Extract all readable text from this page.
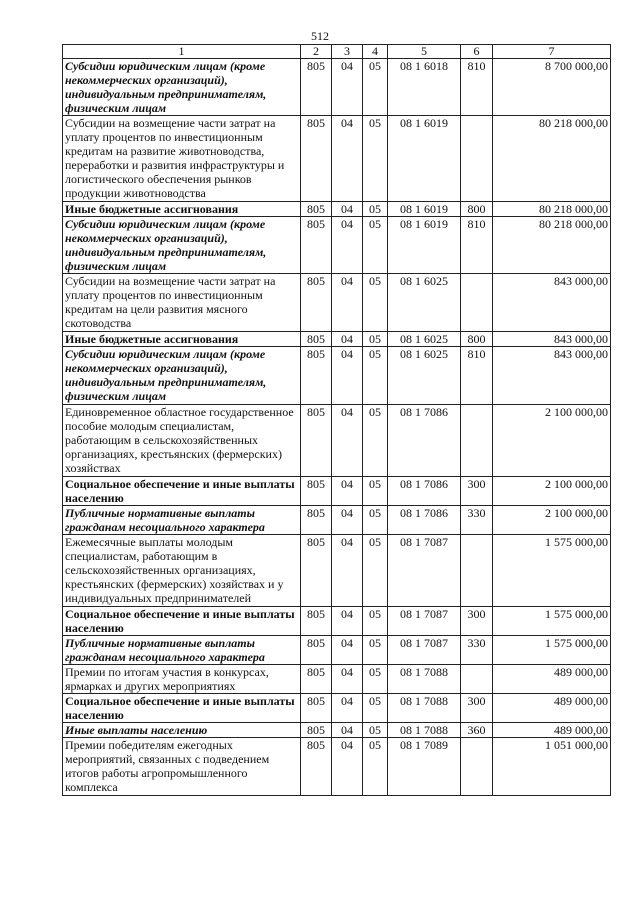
512
1	2	3	4	5	6	7
Субсидии юридическим лицам (кроме некоммерческих организаций), индивидуальным предпринимателям, физическим лицам	805	04	05	08 1 6018	810	8 700 000,00
Субсидии на возмещение части затрат на уплату процентов по инвестиционным кредитам на развитие животноводства, переработки и развития инфраструктуры и логистического обеспечения рынков продукции животноводства	805	04	05	08 1 6019		80 218 000,00
Иные бюджетные ассигнования	805	04	05	08 1 6019	800	80 218 000,00
Субсидии юридическим лицам (кроме некоммерческих организаций), индивидуальным предпринимателям, физическим лицам	805	04	05	08 1 6019	810	80 218 000,00
Субсидии на возмещение части затрат на уплату процентов по инвестиционным кредитам на цели развития мясного скотоводства	805	04	05	08 1 6025		843 000,00
Иные бюджетные ассигнования	805	04	05	08 1 6025	800	843 000,00
Субсидии юридическим лицам (кроме некоммерческих организаций), индивидуальным предпринимателям, физическим лицам	805	04	05	08 1 6025	810	843 000,00
Единовременное областное государственное пособие молодым специалистам, работающим в сельскохозяйственных организациях, крестьянских (фермерских) хозяйствах	805	04	05	08 1 7086		2 100 000,00
Социальное обеспечение и иные выплаты населению	805	04	05	08 1 7086	300	2 100 000,00
Публичные нормативные выплаты гражданам несоциального характера	805	04	05	08 1 7086	330	2 100 000,00
Ежемесячные выплаты молодым специалистам, работающим в сельскохозяйственных организациях, крестьянских (фермерских) хозяйствах и у индивидуальных предпринимателей	805	04	05	08 1 7087		1 575 000,00
Социальное обеспечение и иные выплаты населению	805	04	05	08 1 7087	300	1 575 000,00
Публичные нормативные выплаты гражданам несоциального характера	805	04	05	08 1 7087	330	1 575 000,00
Премии по итогам участия в конкурсах, ярмарках и других мероприятиях	805	04	05	08 1 7088		489 000,00
Социальное обеспечение и иные выплаты населению	805	04	05	08 1 7088	300	489 000,00
Иные выплаты населению	805	04	05	08 1 7088	360	489 000,00
Премии победителям ежегодных мероприятий, связанных с подведением итогов работы агропромышленного комплекса	805	04	05	08 1 7089		1 051 000,00
